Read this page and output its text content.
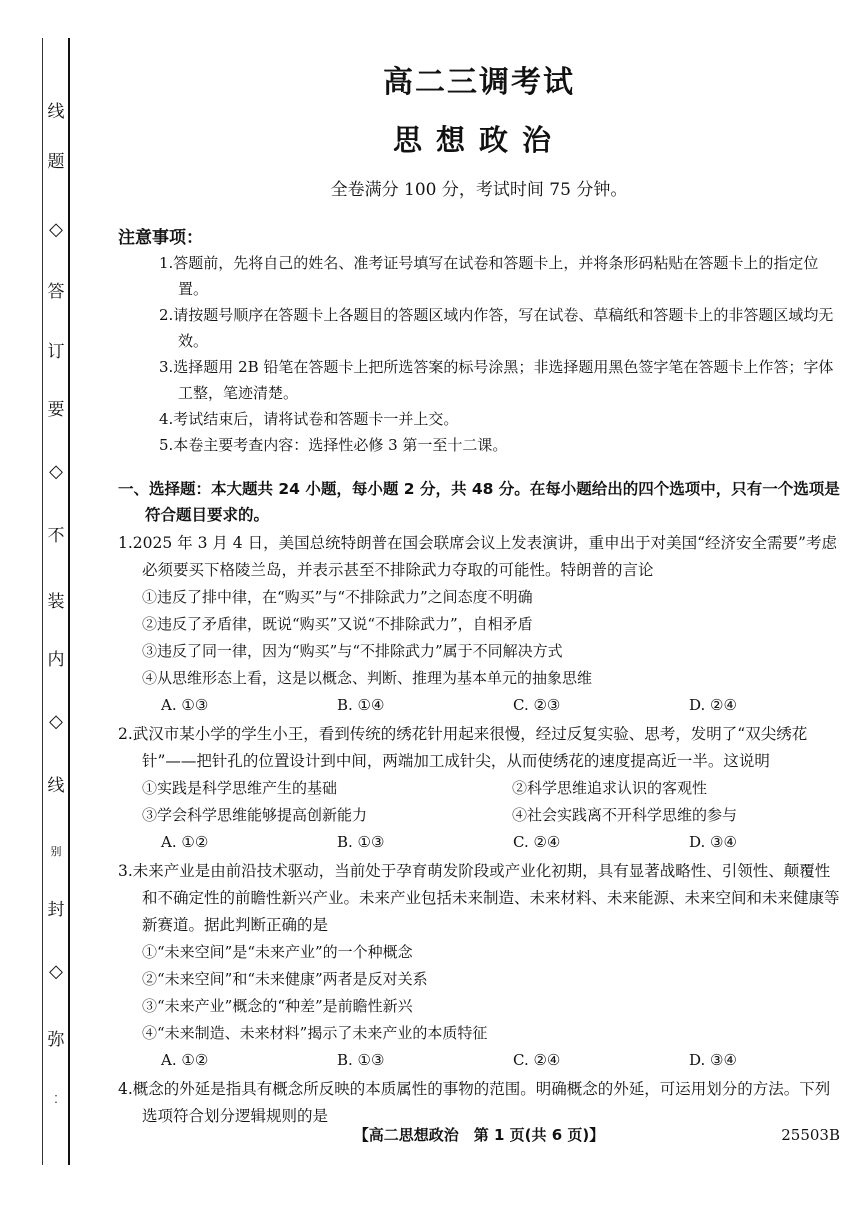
线
题
◇
答
订
要
◇
不
装
内
◇
线
别
封
◇
弥
⁚
高二三调考试
思想政治
全卷满分 100 分，考试时间 75 分钟。
注意事项：
1.答题前，先将自己的姓名、准考证号填写在试卷和答题卡上，并将条形码粘贴在答题卡上的指定位置。
2.请按题号顺序在答题卡上各题目的答题区域内作答，写在试卷、草稿纸和答题卡上的非答题区域均无效。
3.选择题用 2B 铅笔在答题卡上把所选答案的标号涂黑；非选择题用黑色签字笔在答题卡上作答；字体工整，笔迹清楚。
4.考试结束后，请将试卷和答题卡一并上交。
5.本卷主要考查内容：选择性必修 3 第一至十二课。
一、选择题：本大题共 24 小题，每小题 2 分，共 48 分。在每小题给出的四个选项中，只有一个选项是符合题目要求的。
1.2025 年 3 月 4 日，美国总统特朗普在国会联席会议上发表演讲，重申出于对美国“经济安全需要”考虑必须要买下格陵兰岛，并表示甚至不排除武力夺取的可能性。特朗普的言论
①违反了排中律，在“购买”与“不排除武力”之间态度不明确
②违反了矛盾律，既说“购买”又说“不排除武力”，自相矛盾
③违反了同一律，因为“购买”与“不排除武力”属于不同解决方式
④从思维形态上看，这是以概念、判断、推理为基本单元的抽象思维
A. ①③	B. ①④	C. ②③	D. ②④
2.武汉市某小学的学生小王，看到传统的绣花针用起来很慢，经过反复实验、思考，发明了“双尖绣花针”——把针孔的位置设计到中间，两端加工成针尖，从而使绣花的速度提高近一半。这说明
①实践是科学思维产生的基础	②科学思维追求认识的客观性
③学会科学思维能够提高创新能力	④社会实践离不开科学思维的参与
A. ①②	B. ①③	C. ②④	D. ③④
3.未来产业是由前沿技术驱动，当前处于孕育萌发阶段或产业化初期，具有显著战略性、引领性、颠覆性和不确定性的前瞻性新兴产业。未来产业包括未来制造、未来材料、未来能源、未来空间和未来健康等新赛道。据此判断正确的是
①“未来空间”是“未来产业”的一个种概念
②“未来空间”和“未来健康”两者是反对关系
③“未来产业”概念的“种差”是前瞻性新兴
④“未来制造、未来材料”揭示了未来产业的本质特征
A. ①②	B. ①③	C. ②④	D. ③④
4.概念的外延是指具有概念所反映的本质属性的事物的范围。明确概念的外延，可运用划分的方法。下列选项符合划分逻辑规则的是
【高二思想政治　第 1 页(共 6 页)】	25503B
